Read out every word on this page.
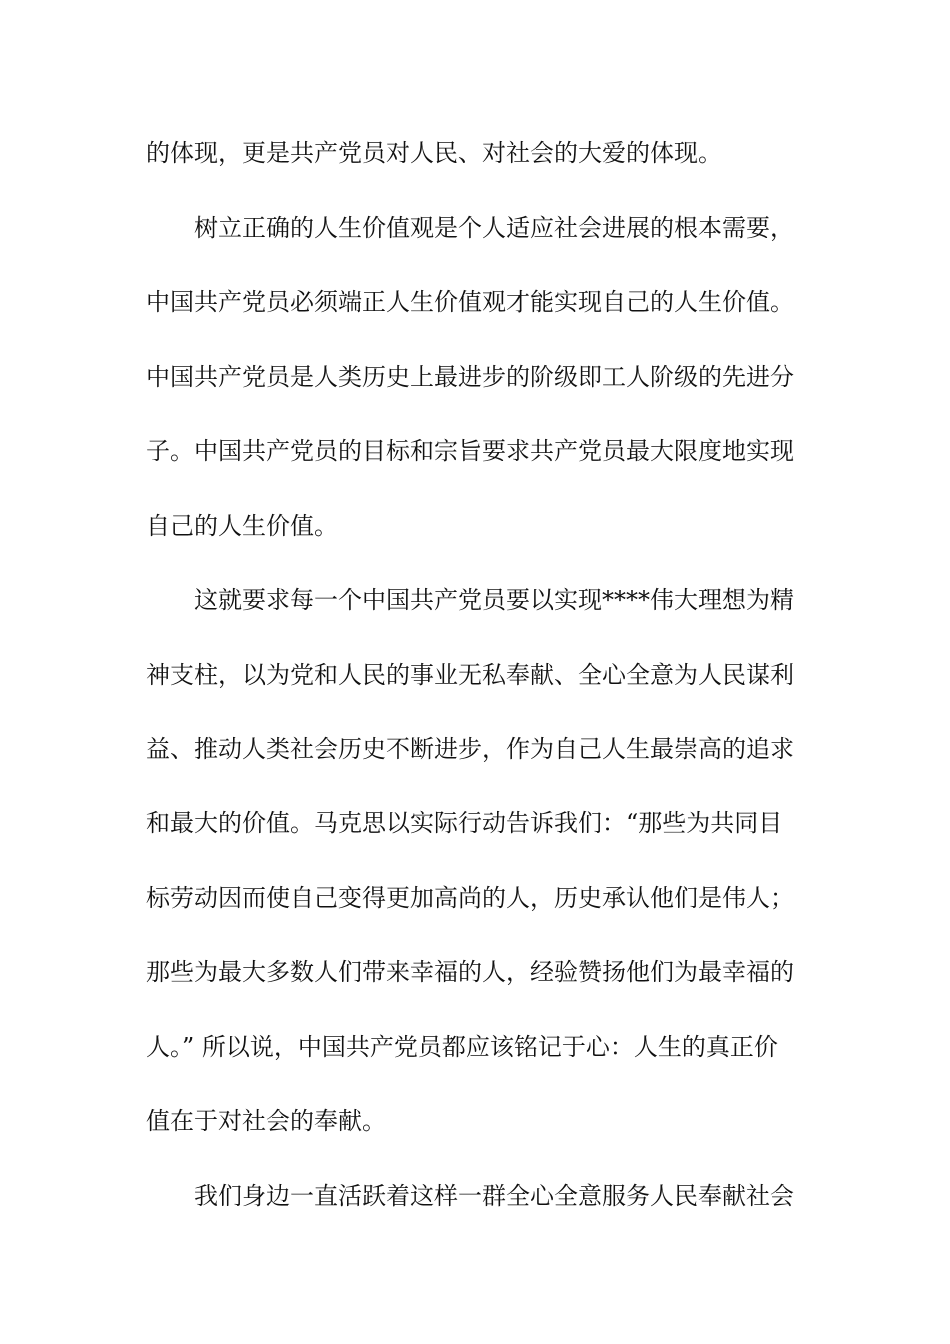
的体现，更是共产党员对人民、对社会的大爱的体现。
树立正确的人生价值观是个人适应社会进展的根本需要，
中国共产党员必须端正人生价值观才能实现自己的人生价值。
中国共产党员是人类历史上最进步的阶级即工人阶级的先进分
子。中国共产党员的目标和宗旨要求共产党员最大限度地实现
自己的人生价值。
这就要求每一个中国共产党员要以实现****伟大理想为精
神支柱，以为党和人民的事业无私奉献、全心全意为人民谋利
益、推动人类社会历史不断进步，作为自己人生最崇高的追求
和最大的价值。马克思以实际行动告诉我们：“那些为共同目
标劳动因而使自己变得更加高尚的人，历史承认他们是伟人；
那些为最大多数人们带来幸福的人，经验赞扬他们为最幸福的
人。” 所以说，中国共产党员都应该铭记于心：人生的真正价
值在于对社会的奉献。
我们身边一直活跃着这样一群全心全意服务人民奉献社会
